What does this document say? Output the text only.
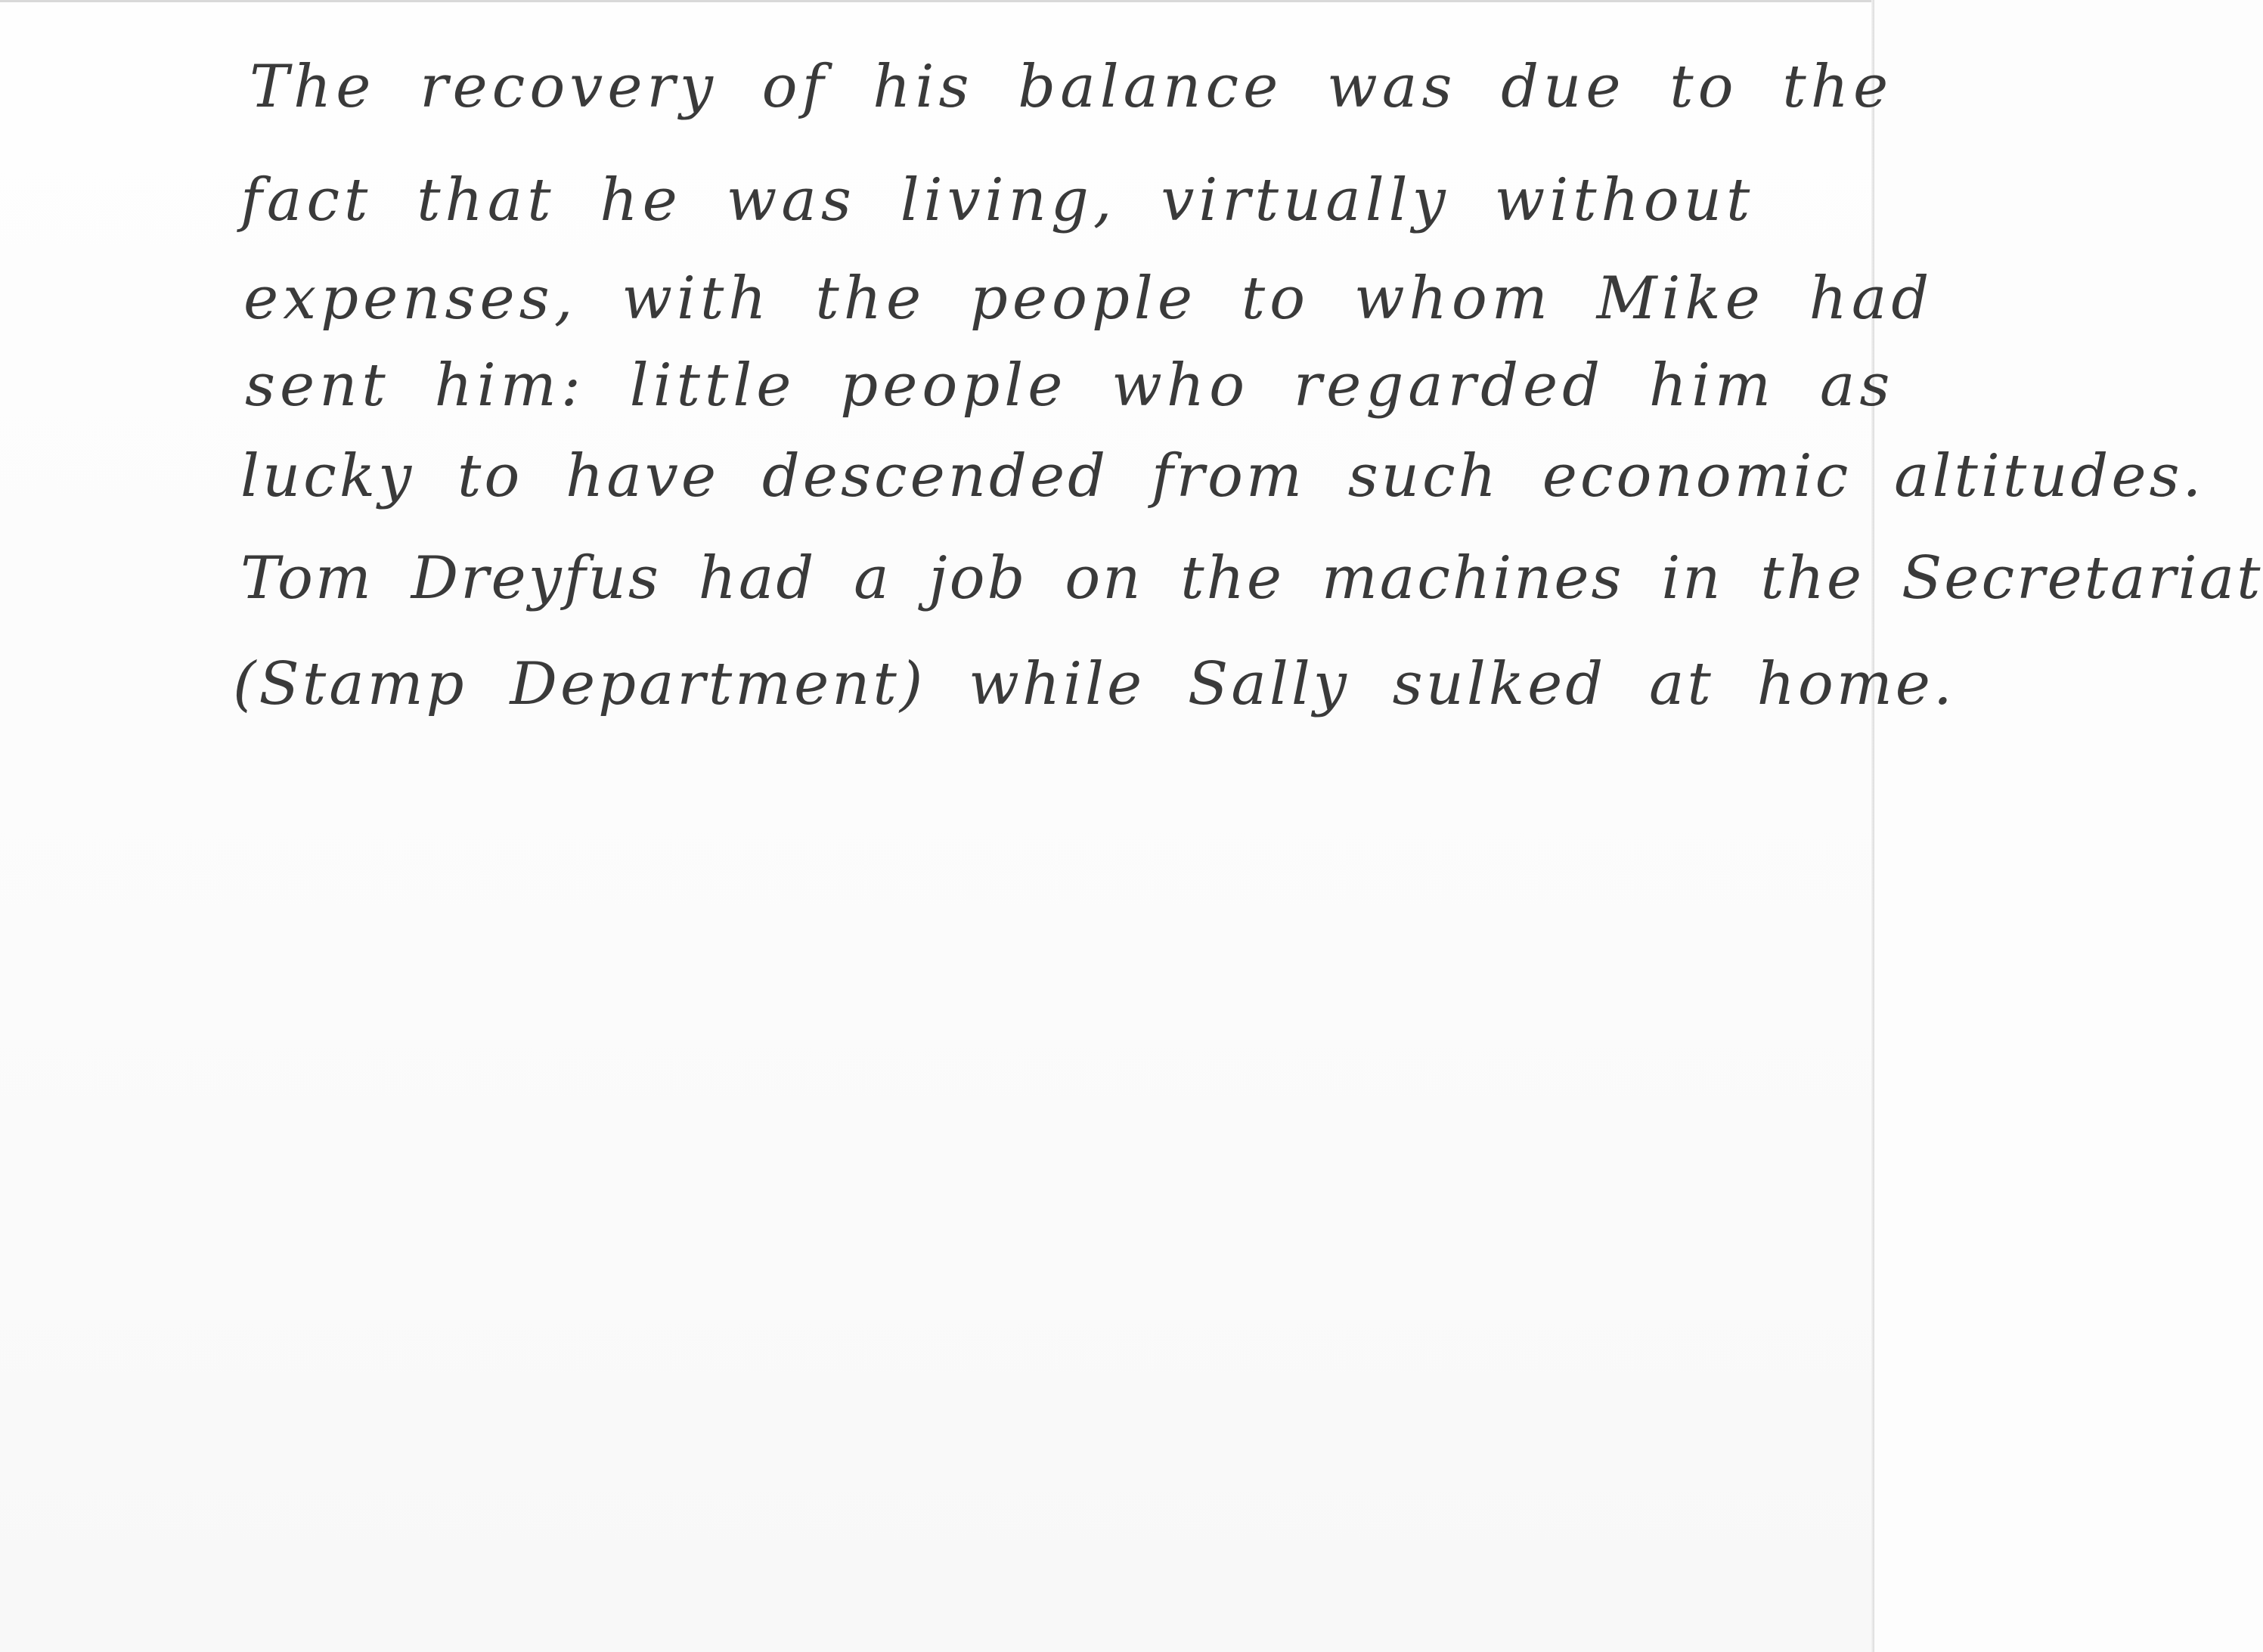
The recovery of his balance was due to the
fact that he was living, virtually without
expenses, with the people to whom Mike had
sent him: little people who regarded him as
lucky to have descended from such economic altitudes.
Tom Dreyfus had a job on the machines in the Secretariat
(Stamp Department) while Sally sulked at home.
